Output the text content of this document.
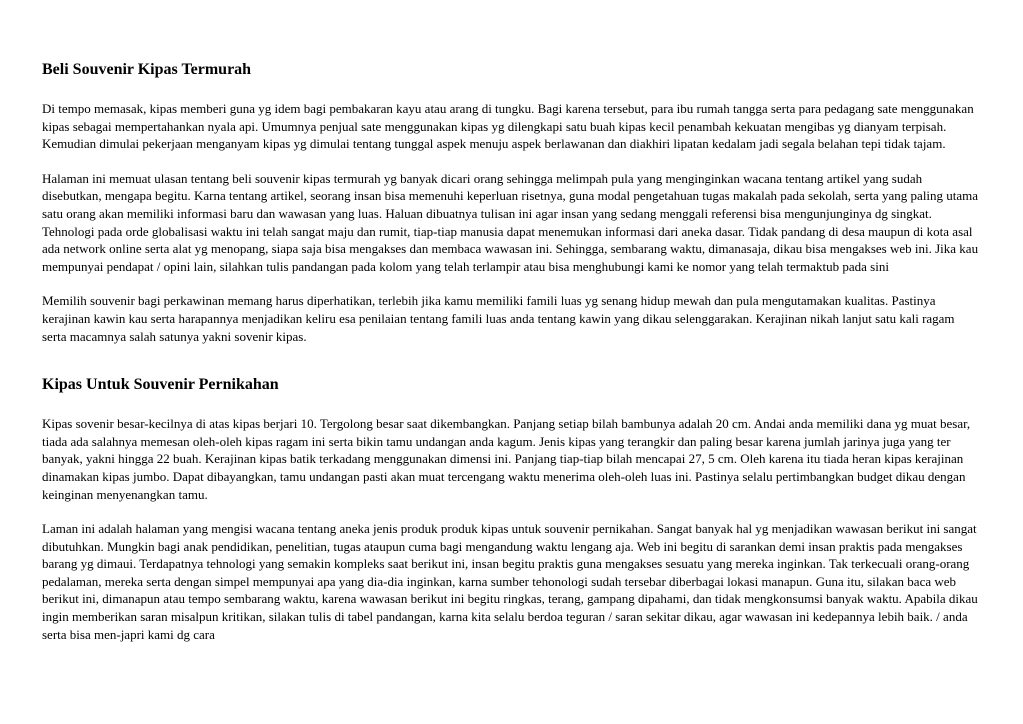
Beli Souvenir Kipas Termurah

Di tempo memasak, kipas memberi guna yg idem bagi pembakaran kayu atau arang di tungku. Bagi karena tersebut, para ibu rumah tangga serta para pedagang sate menggunakan kipas sebagai mempertahankan nyala api. Umumnya penjual sate menggunakan kipas yg dilengkapi satu buah kipas kecil penambah kekuatan mengibas yg dianyam terpisah. Kemudian dimulai pekerjaan menganyam kipas yg dimulai tentang tunggal aspek menuju aspek berlawanan dan diakhiri lipatan kedalam jadi segala belahan tepi tidak tajam.

Halaman ini memuat ulasan tentang beli souvenir kipas termurah yg banyak dicari orang sehingga melimpah pula yang menginginkan wacana tentang artikel yang sudah disebutkan, mengapa begitu. Karna tentang artikel, seorang insan bisa memenuhi keperluan risetnya, guna modal pengetahuan tugas makalah pada sekolah, serta yang paling utama satu orang akan memiliki informasi baru dan wawasan yang luas. Haluan dibuatnya tulisan ini agar insan yang sedang menggali referensi bisa mengunjunginya dg singkat. Tehnologi pada orde globalisasi waktu ini telah sangat maju dan rumit, tiap-tiap manusia dapat menemukan informasi dari aneka dasar. Tidak pandang di desa maupun di kota asal ada network online serta alat yg menopang, siapa saja bisa mengakses dan membaca wawasan ini. Sehingga, sembarang waktu, dimanasaja, dikau bisa mengakses web ini. Jika kau mempunyai pendapat / opini lain, silahkan tulis pandangan pada kolom yang telah terlampir atau bisa menghubungi kami ke nomor yang telah termaktub pada sini

Memilih souvenir bagi perkawinan memang harus diperhatikan, terlebih jika kamu memiliki famili luas yg senang hidup mewah dan pula mengutamakan kualitas. Pastinya kerajinan kawin kau serta harapannya menjadikan keliru esa penilaian tentang famili luas anda tentang kawin yang dikau selenggarakan. Kerajinan nikah lanjut satu kali ragam serta macamnya salah satunya yakni sovenir kipas.

Kipas Untuk Souvenir Pernikahan

Kipas sovenir besar-kecilnya di atas kipas berjari 10. Tergolong besar saat dikembangkan. Panjang setiap bilah bambunya adalah 20 cm. Andai anda memiliki dana yg muat besar, tiada ada salahnya memesan oleh-oleh kipas ragam ini serta bikin tamu undangan anda kagum. Jenis kipas yang terangkir dan paling besar karena jumlah jarinya juga yang ter banyak, yakni hingga 22 buah. Kerajinan kipas batik terkadang menggunakan dimensi ini. Panjang tiap-tiap bilah mencapai 27, 5 cm. Oleh karena itu tiada heran kipas kerajinan dinamakan kipas jumbo. Dapat dibayangkan, tamu undangan pasti akan muat tercengang waktu menerima oleh-oleh luas ini. Pastinya selalu pertimbangkan budget dikau dengan keinginan menyenangkan tamu.

Laman ini adalah halaman yang mengisi wacana tentang aneka jenis produk produk kipas untuk souvenir pernikahan. Sangat banyak hal yg menjadikan wawasan berikut ini sangat dibutuhkan. Mungkin bagi anak pendidikan, penelitian, tugas ataupun cuma bagi mengandung waktu lengang aja. Web ini begitu di sarankan demi insan praktis pada mengakses barang yg dimaui. Terdapatnya tehnologi yang semakin kompleks saat berikut ini, insan begitu praktis guna mengakses sesuatu yang mereka inginkan. Tak terkecuali orang-orang pedalaman, mereka serta dengan simpel mempunyai apa yang dia-dia inginkan, karna sumber tehonologi sudah tersebar diberbagai lokasi manapun. Guna itu, silakan baca web berikut ini, dimanapun atau tempo sembarang waktu, karena wawasan berikut ini begitu ringkas, terang, gampang dipahami, dan tidak mengkonsumsi banyak waktu. Apabila dikau ingin memberikan saran misalpun kritikan, silakan tulis di tabel pandangan, karna kita selalu berdoa teguran / saran sekitar dikau, agar wawasan ini kedepannya lebih baik. / anda serta bisa men-japri kami dg cara
